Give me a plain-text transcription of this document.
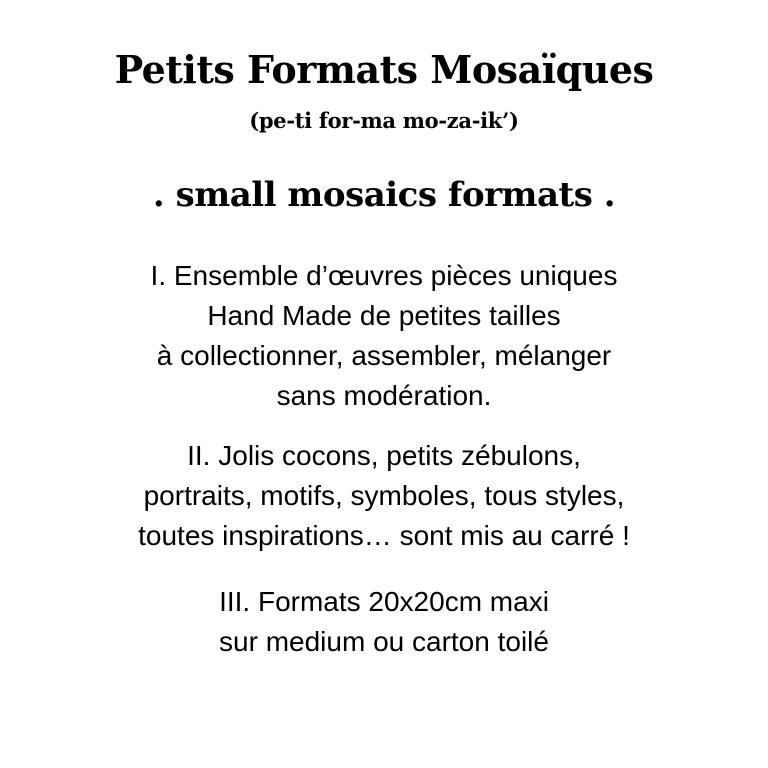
Petits Formats Mosaïques
(pe-ti for-ma mo-za-ik’)
. small mosaics formats .
I. Ensemble d’œuvres pièces uniques
Hand Made de petites tailles
à collectionner, assembler, mélanger
sans modération.
II. Jolis cocons, petits zébulons,
portraits, motifs, symboles, tous styles,
toutes inspirations… sont mis au carré !
III. Formats 20x20cm maxi
sur medium ou carton toilé
